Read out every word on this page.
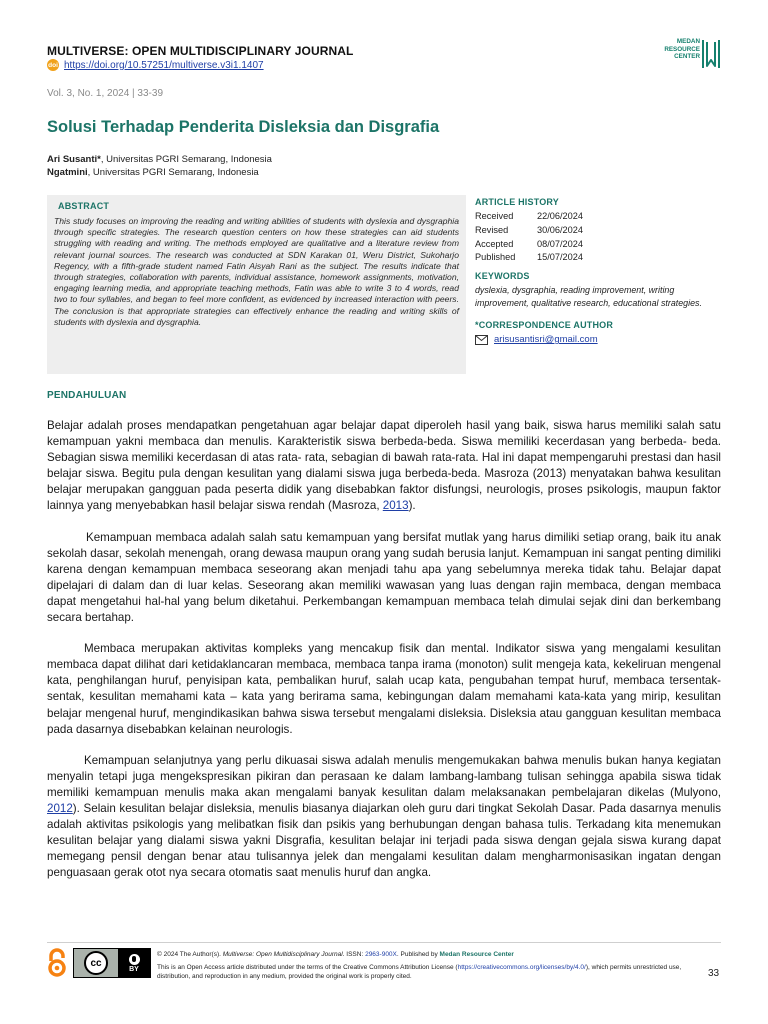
MULTIVERSE: OPEN MULTIDISCIPLINARY JOURNAL
doi https://doi.org/10.57251/multiverse.v3i1.1407
MEDAN
RESOURCE
CENTER
Vol. 3, No. 1, 2024 | 33-39
Solusi Terhadap Penderita Disleksia dan Disgrafia
Ari Susanti*, Universitas PGRI Semarang, Indonesia
Ngatmini, Universitas PGRI Semarang, Indonesia
ABSTRACT
This study focuses on improving the reading and writing abilities of students with dyslexia and dysgraphia through specific strategies. The research question centers on how these strategies can aid students struggling with reading and writing. The methods employed are qualitative and a literature review from relevant journal sources. The research was conducted at SDN Karakan 01, Weru District, Sukoharjo Regency, with a fifth-grade student named Fatin Aisyah Rani as the subject. The results indicate that through strategies, collaboration with parents, individual assistance, homework assignments, motivation, engaging learning media, and appropriate teaching methods, Fatin was able to write 3 to 4 words, read two to four syllables, and began to feel more confident, as evidenced by increased interaction with peers. The conclusion is that appropriate strategies can effectively enhance the reading and writing skills of students with dyslexia and dysgraphia.
ARTICLE HISTORY
Received	22/06/2024
Revised	30/06/2024
Accepted	08/07/2024
Published	15/07/2024
KEYWORDS
dyslexia, dysgraphia, reading improvement, writing improvement, qualitative research, educational strategies.
*CORRESPONDENCE AUTHOR
arisusantisri@gmail.com
PENDAHULUAN

Belajar adalah proses mendapatkan pengetahuan agar belajar dapat diperoleh hasil yang baik, siswa harus memiliki salah satu kemampuan yakni membaca dan menulis. Karakteristik siswa berbeda-beda. Siswa memiliki kecerdasan yang berbeda- beda. Sebagian siswa memiliki kecerdasan di atas rata- rata, sebagian di bawah rata-rata. Hal ini dapat mempengaruhi prestasi dan hasil belajar siswa. Begitu pula dengan kesulitan yang dialami siswa juga berbeda-beda. Masroza (2013) menyatakan bahwa kesulitan belajar merupakan gangguan pada peserta didik yang disebabkan faktor disfungsi, neurologis, proses psikologis, maupun faktor lainnya yang menyebabkan hasil belajar siswa rendah (Masroza, 2013).

Kemampuan membaca adalah salah satu kemampuan yang bersifat mutlak yang harus dimiliki setiap orang, baik itu anak sekolah dasar, sekolah menengah, orang dewasa maupun orang yang sudah berusia lanjut. Kemampuan ini sangat penting dimiliki karena dengan kemampuan membaca seseorang akan menjadi tahu apa yang sebelumnya mereka tidak tahu. Belajar dapat dipelajari di dalam dan di luar kelas. Seseorang akan memiliki wawasan yang luas dengan rajin membaca, dengan membaca dapat mengetahui hal-hal yang belum diketahui. Perkembangan kemampuan membaca telah dimulai sejak dini dan berkembang secara bertahap.

Membaca merupakan aktivitas kompleks yang mencakup fisik dan mental. Indikator siswa yang mengalami kesulitan membaca dapat dilihat dari ketidaklancaran membaca, membaca tanpa irama (monoton) sulit mengeja kata, kekeliruan mengenal kata, penghilangan huruf, penyisipan kata, pembalikan huruf, salah ucap kata, pengubahan tempat huruf, membaca tersentak-sentak, kesulitan memahami kata – kata yang berirama sama, kebingungan dalam memahami kata-kata yang mirip, kesulitan belajar mengenal huruf, mengindikasikan bahwa siswa tersebut mengalami disleksia. Disleksia atau gangguan kesulitan membaca pada dasarnya disebabkan kelainan neurologis.

Kemampuan selanjutnya yang perlu dikuasai siswa adalah menulis mengemukakan bahwa menulis bukan hanya kegiatan menyalin tetapi juga mengekspresikan pikiran dan perasaan ke dalam lambang-lambang tulisan sehingga apabila siswa tidak memiliki kemampuan menulis maka akan mengalami banyak kesulitan dalam melaksanakan pembelajaran dikelas (Mulyono, 2012). Selain kesulitan belajar disleksia, menulis biasanya diajarkan oleh guru dari tingkat Sekolah Dasar. Pada dasarnya menulis adalah aktivitas psikologis yang melibatkan fisik dan psikis yang berhubungan dengan bahasa tulis. Terkadang kita menemukan kesulitan belajar yang dialami siswa yakni Disgrafia, kesulitan belajar ini terjadi pada siswa dengan gejala siswa kurang dapat memegang pensil dengan benar atau tulisannya jelek dan mengalami kesulitan dalam mengharmonisasikan ingatan dengan penguasaan gerak otot nya secara otomatis saat menulis huruf dan angka.

cc
BY
© 2024 The Author(s). Multiverse: Open Multidisciplinary Journal. ISSN: 2963-900X. Published by Medan Resource Center
This is an Open Access article distributed under the terms of the Creative Commons Attribution License (https://creativecommons.org/licenses/by/4.0/), which permits unrestricted use, distribution, and reproduction in any medium, provided the original work is properly cited.	33
